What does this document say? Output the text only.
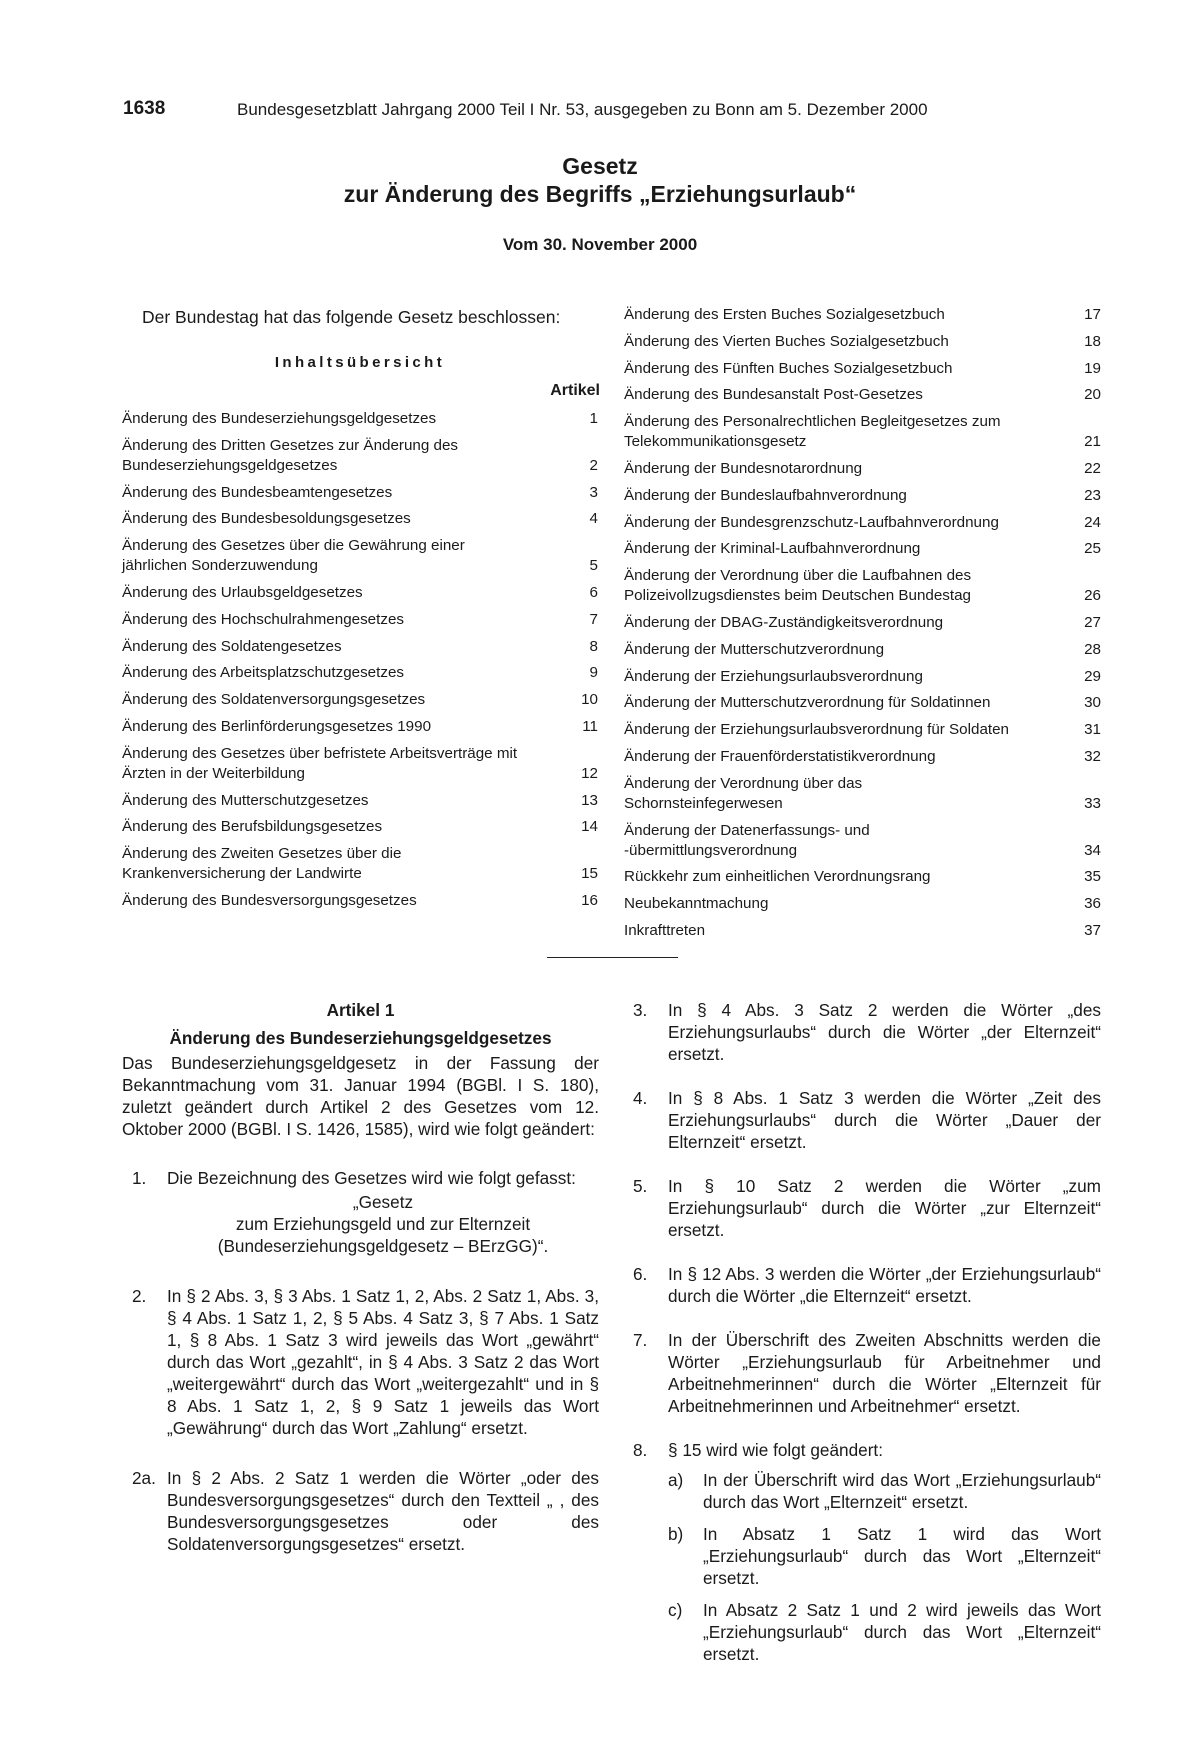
1638	Bundesgesetzblatt Jahrgang 2000 Teil I Nr. 53, ausgegeben zu Bonn am 5. Dezember 2000
Gesetz
zur Änderung des Begriffs „Erziehungsurlaub“
Vom 30. November 2000
Der Bundestag hat das folgende Gesetz beschlossen:
Inhaltsübersicht
Artikel
Änderung des Bundeserziehungsgeldgesetzes	1
Änderung des Dritten Gesetzes zur Änderung des Bundeserziehungsgeldgesetzes	2
Änderung des Bundesbeamtengesetzes	3
Änderung des Bundesbesoldungsgesetzes	4
Änderung des Gesetzes über die Gewährung einer jährlichen Sonderzuwendung	5
Änderung des Urlaubsgeldgesetzes	6
Änderung des Hochschulrahmengesetzes	7
Änderung des Soldatengesetzes	8
Änderung des Arbeitsplatzschutzgesetzes	9
Änderung des Soldatenversorgungsgesetzes	10
Änderung des Berlinförderungsgesetzes 1990	11
Änderung des Gesetzes über befristete Arbeitsverträge mit Ärzten in der Weiterbildung	12
Änderung des Mutterschutzgesetzes	13
Änderung des Berufsbildungsgesetzes	14
Änderung des Zweiten Gesetzes über die Krankenversicherung der Landwirte	15
Änderung des Bundesversorgungsgesetzes	16
Änderung des Ersten Buches Sozialgesetzbuch	17
Änderung des Vierten Buches Sozialgesetzbuch	18
Änderung des Fünften Buches Sozialgesetzbuch	19
Änderung des Bundesanstalt Post-Gesetzes	20
Änderung des Personalrechtlichen Begleitgesetzes zum Telekommunikationsgesetz	21
Änderung der Bundesnotarordnung	22
Änderung der Bundeslaufbahnverordnung	23
Änderung der Bundesgrenzschutz-Laufbahnverordnung	24
Änderung der Kriminal-Laufbahnverordnung	25
Änderung der Verordnung über die Laufbahnen des Polizeivollzugsdienstes beim Deutschen Bundestag	26
Änderung der DBAG-Zuständigkeitsverordnung	27
Änderung der Mutterschutzverordnung	28
Änderung der Erziehungsurlaubsverordnung	29
Änderung der Mutterschutzverordnung für Soldatinnen	30
Änderung der Erziehungsurlaubsverordnung für Soldaten	31
Änderung der Frauenförderstatistikverordnung	32
Änderung der Verordnung über das Schornsteinfegerwesen	33
Änderung der Datenerfassungs- und -übermittlungsverordnung	34
Rückkehr zum einheitlichen Verordnungsrang	35
Neubekanntmachung	36
Inkrafttreten	37
Artikel 1
Änderung des Bundeserziehungsgeldgesetzes

Das Bundeserziehungsgeldgesetz in der Fassung der Bekanntmachung vom 31. Januar 1994 (BGBl. I S. 180), zuletzt geändert durch Artikel 2 des Gesetzes vom 12. Oktober 2000 (BGBl. I S. 1426, 1585), wird wie folgt geändert:

1.	Die Bezeichnung des Gesetzes wird wie folgt gefasst:
„Gesetz
zum Erziehungsgeld und zur Elternzeit
(Bundeserziehungsgeldgesetz – BErzGG)“.
2.	In § 2 Abs. 3, § 3 Abs. 1 Satz 1, 2, Abs. 2 Satz 1, Abs. 3, § 4 Abs. 1 Satz 1, 2, § 5 Abs. 4 Satz 3, § 7 Abs. 1 Satz 1, § 8 Abs. 1 Satz 3 wird jeweils das Wort „gewährt“ durch das Wort „gezahlt“, in § 4 Abs. 3 Satz 2 das Wort „weitergewährt“ durch das Wort „weitergezahlt“ und in § 8 Abs. 1 Satz 1, 2, § 9 Satz 1 jeweils das Wort „Gewährung“ durch das Wort „Zahlung“ ersetzt.
2a. In § 2 Abs. 2 Satz 1 werden die Wörter „oder des Bundesversorgungsgesetzes“ durch den Textteil „ , des Bundesversorgungsgesetzes oder des Soldatenversorgungsgesetzes“ ersetzt.
3.	In § 4 Abs. 3 Satz 2 werden die Wörter „des Erziehungsurlaubs“ durch die Wörter „der Elternzeit“ ersetzt.
4.	In § 8 Abs. 1 Satz 3 werden die Wörter „Zeit des Erziehungsurlaubs“ durch die Wörter „Dauer der Elternzeit“ ersetzt.
5.	In § 10 Satz 2 werden die Wörter „zum Erziehungsurlaub“ durch die Wörter „zur Elternzeit“ ersetzt.
6.	In § 12 Abs. 3 werden die Wörter „der Erziehungsurlaub“ durch die Wörter „die Elternzeit“ ersetzt.
7.	In der Überschrift des Zweiten Abschnitts werden die Wörter „Erziehungsurlaub für Arbeitnehmer und Arbeitnehmerinnen“ durch die Wörter „Elternzeit für Arbeitnehmerinnen und Arbeitnehmer“ ersetzt.
8.	§ 15 wird wie folgt geändert:
a)	In der Überschrift wird das Wort „Erziehungsurlaub“ durch das Wort „Elternzeit“ ersetzt.
b)	In Absatz 1 Satz 1 wird das Wort „Erziehungsurlaub“ durch das Wort „Elternzeit“ ersetzt.
c)	In Absatz 2 Satz 1 und 2 wird jeweils das Wort „Erziehungsurlaub“ durch das Wort „Elternzeit“ ersetzt.
